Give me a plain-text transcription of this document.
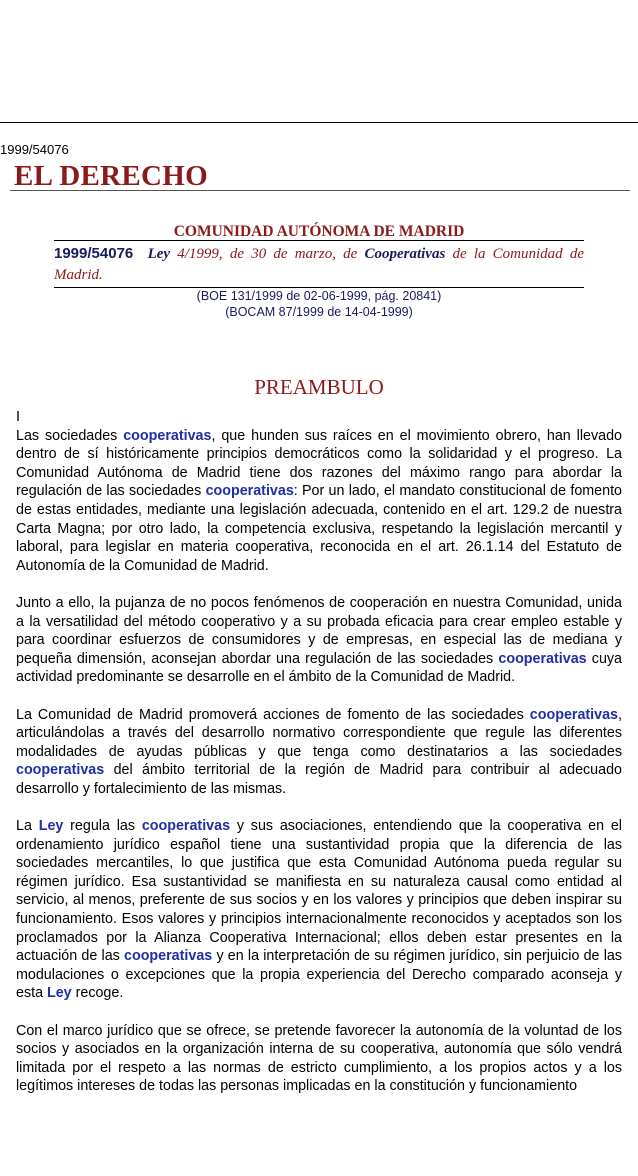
1999/54076
EL DERECHO
COMUNIDAD AUTÓNOMA DE MADRID
1999/54076 Ley 4/1999, de 30 de marzo, de Cooperativas de la Comunidad de Madrid.
(BOE 131/1999 de 02-06-1999, pág. 20841)
(BOCAM 87/1999 de 14-04-1999)
PREAMBULO

I

Las sociedades cooperativas, que hunden sus raíces en el movimiento obrero, han llevado dentro de sí históricamente principios democráticos como la solidaridad y el progreso. La Comunidad Autónoma de Madrid tiene dos razones del máximo rango para abordar la regulación de las sociedades cooperativas: Por un lado, el mandato constitucional de fomento de estas entidades, mediante una legislación adecuada, contenido en el art. 129.2 de nuestra Carta Magna; por otro lado, la competencia exclusiva, respetando la legislación mercantil y laboral, para legislar en materia cooperativa, reconocida en el art. 26.1.14 del Estatuto de Autonomía de la Comunidad de Madrid.

Junto a ello, la pujanza de no pocos fenómenos de cooperación en nuestra Comunidad, unida a la versatilidad del método cooperativo y a su probada eficacia para crear empleo estable y para coordinar esfuerzos de consumidores y de empresas, en especial las de mediana y pequeña dimensión, aconsejan abordar una regulación de las sociedades cooperativas cuya actividad predominante se desarrolle en el ámbito de la Comunidad de Madrid.

La Comunidad de Madrid promoverá acciones de fomento de las sociedades cooperativas, articulándolas a través del desarrollo normativo correspondiente que regule las diferentes modalidades de ayudas públicas y que tenga como destinatarios a las sociedades cooperativas del ámbito territorial de la región de Madrid para contribuir al adecuado desarrollo y fortalecimiento de las mismas.

La Ley regula las cooperativas y sus asociaciones, entendiendo que la cooperativa en el ordenamiento jurídico español tiene una sustantividad propia que la diferencia de las sociedades mercantiles, lo que justifica que esta Comunidad Autónoma pueda regular su régimen jurídico. Esa sustantividad se manifiesta en su naturaleza causal como entidad al servicio, al menos, preferente de sus socios y en los valores y principios que deben inspirar su funcionamiento. Esos valores y principios internacionalmente reconocidos y aceptados son los proclamados por la Alianza Cooperativa Internacional; ellos deben estar presentes en la actuación de las cooperativas y en la interpretación de su régimen jurídico, sin perjuicio de las modulaciones o excepciones que la propia experiencia del Derecho comparado aconseja y esta Ley recoge.

Con el marco jurídico que se ofrece, se pretende favorecer la autonomía de la voluntad de los socios y asociados en la organización interna de su cooperativa, autonomía que sólo vendrá limitada por el respeto a las normas de estricto cumplimiento, a los propios actos y a los legítimos intereses de todas las personas implicadas en la constitución y funcionamiento
